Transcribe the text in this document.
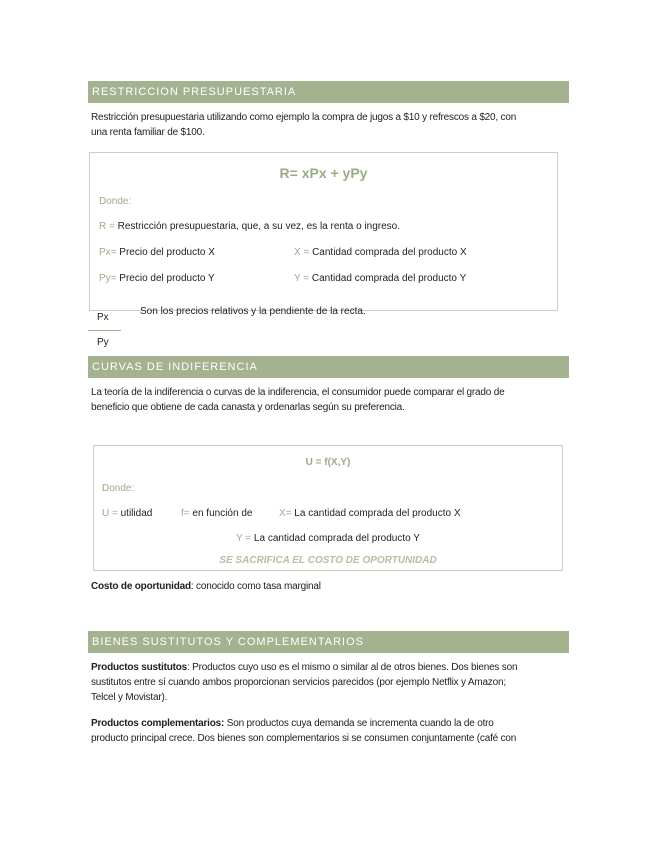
RESTRICCION PRESUPUESTARIA
Restricción presupuestaria utilizando como ejemplo la compra de jugos a $10 y refrescos a $20, con
una renta familiar de $100.
R= xPx + yPy
Donde:
R = Restricción presupuestaria, que, a su vez, es la renta o ingreso.
Px= Precio del producto X	X = Cantidad comprada del producto X
Py= Precio del producto Y	Y = Cantidad comprada del producto Y
Px
Py
Son los precios relativos y la pendiente de la recta.
CURVAS DE INDIFERENCIA
La teoría de la indiferencia o curvas de la indiferencia, el consumidor puede comparar el grado de
beneficio que obtiene de cada canasta y ordenarlas según su preferencia.
U = f(X,Y)
Donde:
U = utilidad	f= en función de	X= La cantidad comprada del producto X
Y = La cantidad comprada del producto Y
SE SACRIFICA EL COSTO DE OPORTUNIDAD
Costo de oportunidad: conocido como tasa marginal
BIENES SUSTITUTOS Y COMPLEMENTARIOS
Productos sustitutos: Productos cuyo uso es el mismo o similar al de otros bienes. Dos bienes son
sustitutos entre sí cuando ambos proporcionan servicios parecidos (por ejemplo Netflix y Amazon;
Telcel y Movistar).
Productos complementarios: Son productos cuya demanda se incrementa cuando la de otro
producto principal crece. Dos bienes son complementarios si se consumen conjuntamente (café con
